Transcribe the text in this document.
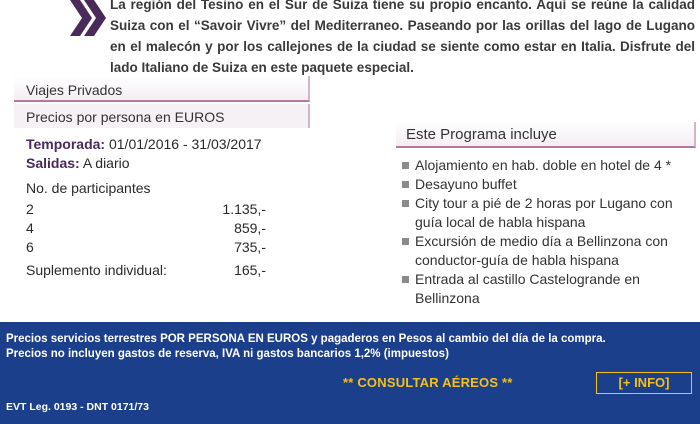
La región del Tesino en el Sur de Suiza tiene su propio encanto. Aquí se reúne la calidad Suiza con el “Savoir Vivre” del Mediterraneo. Paseando por las orillas del lago de Lugano en el malecón y por los callejones de la ciudad se siente como estar en Italia. Disfrute del lado Italiano de Suiza en este paquete especial.

Viajes Privados
Precios por persona en EUROS
Temporada: 01/01/2016 - 31/03/2017
Salidas: A diario
No. de participantes
2	1.135,-
4	859,-
6	735,-
Suplemento individual:	165,-
Este Programa incluye
Alojamiento en hab. doble en hotel de 4 *
Desayuno buffet
City tour a pié de 2 horas por Lugano con guía local de habla hispana
Excursión de medio día a Bellinzona con conductor-guía de habla hispana
Entrada al castillo Castelogrande en Bellinzona
Precios servicios terrestres POR PERSONA EN EUROS y pagaderos en Pesos al cambio del día de la compra.
Precios no incluyen gastos de reserva, IVA ni gastos bancarios 1,2% (impuestos)
** CONSULTAR AÉREOS **	[+ INFO]
EVT Leg. 0193 - DNT 0171/73
